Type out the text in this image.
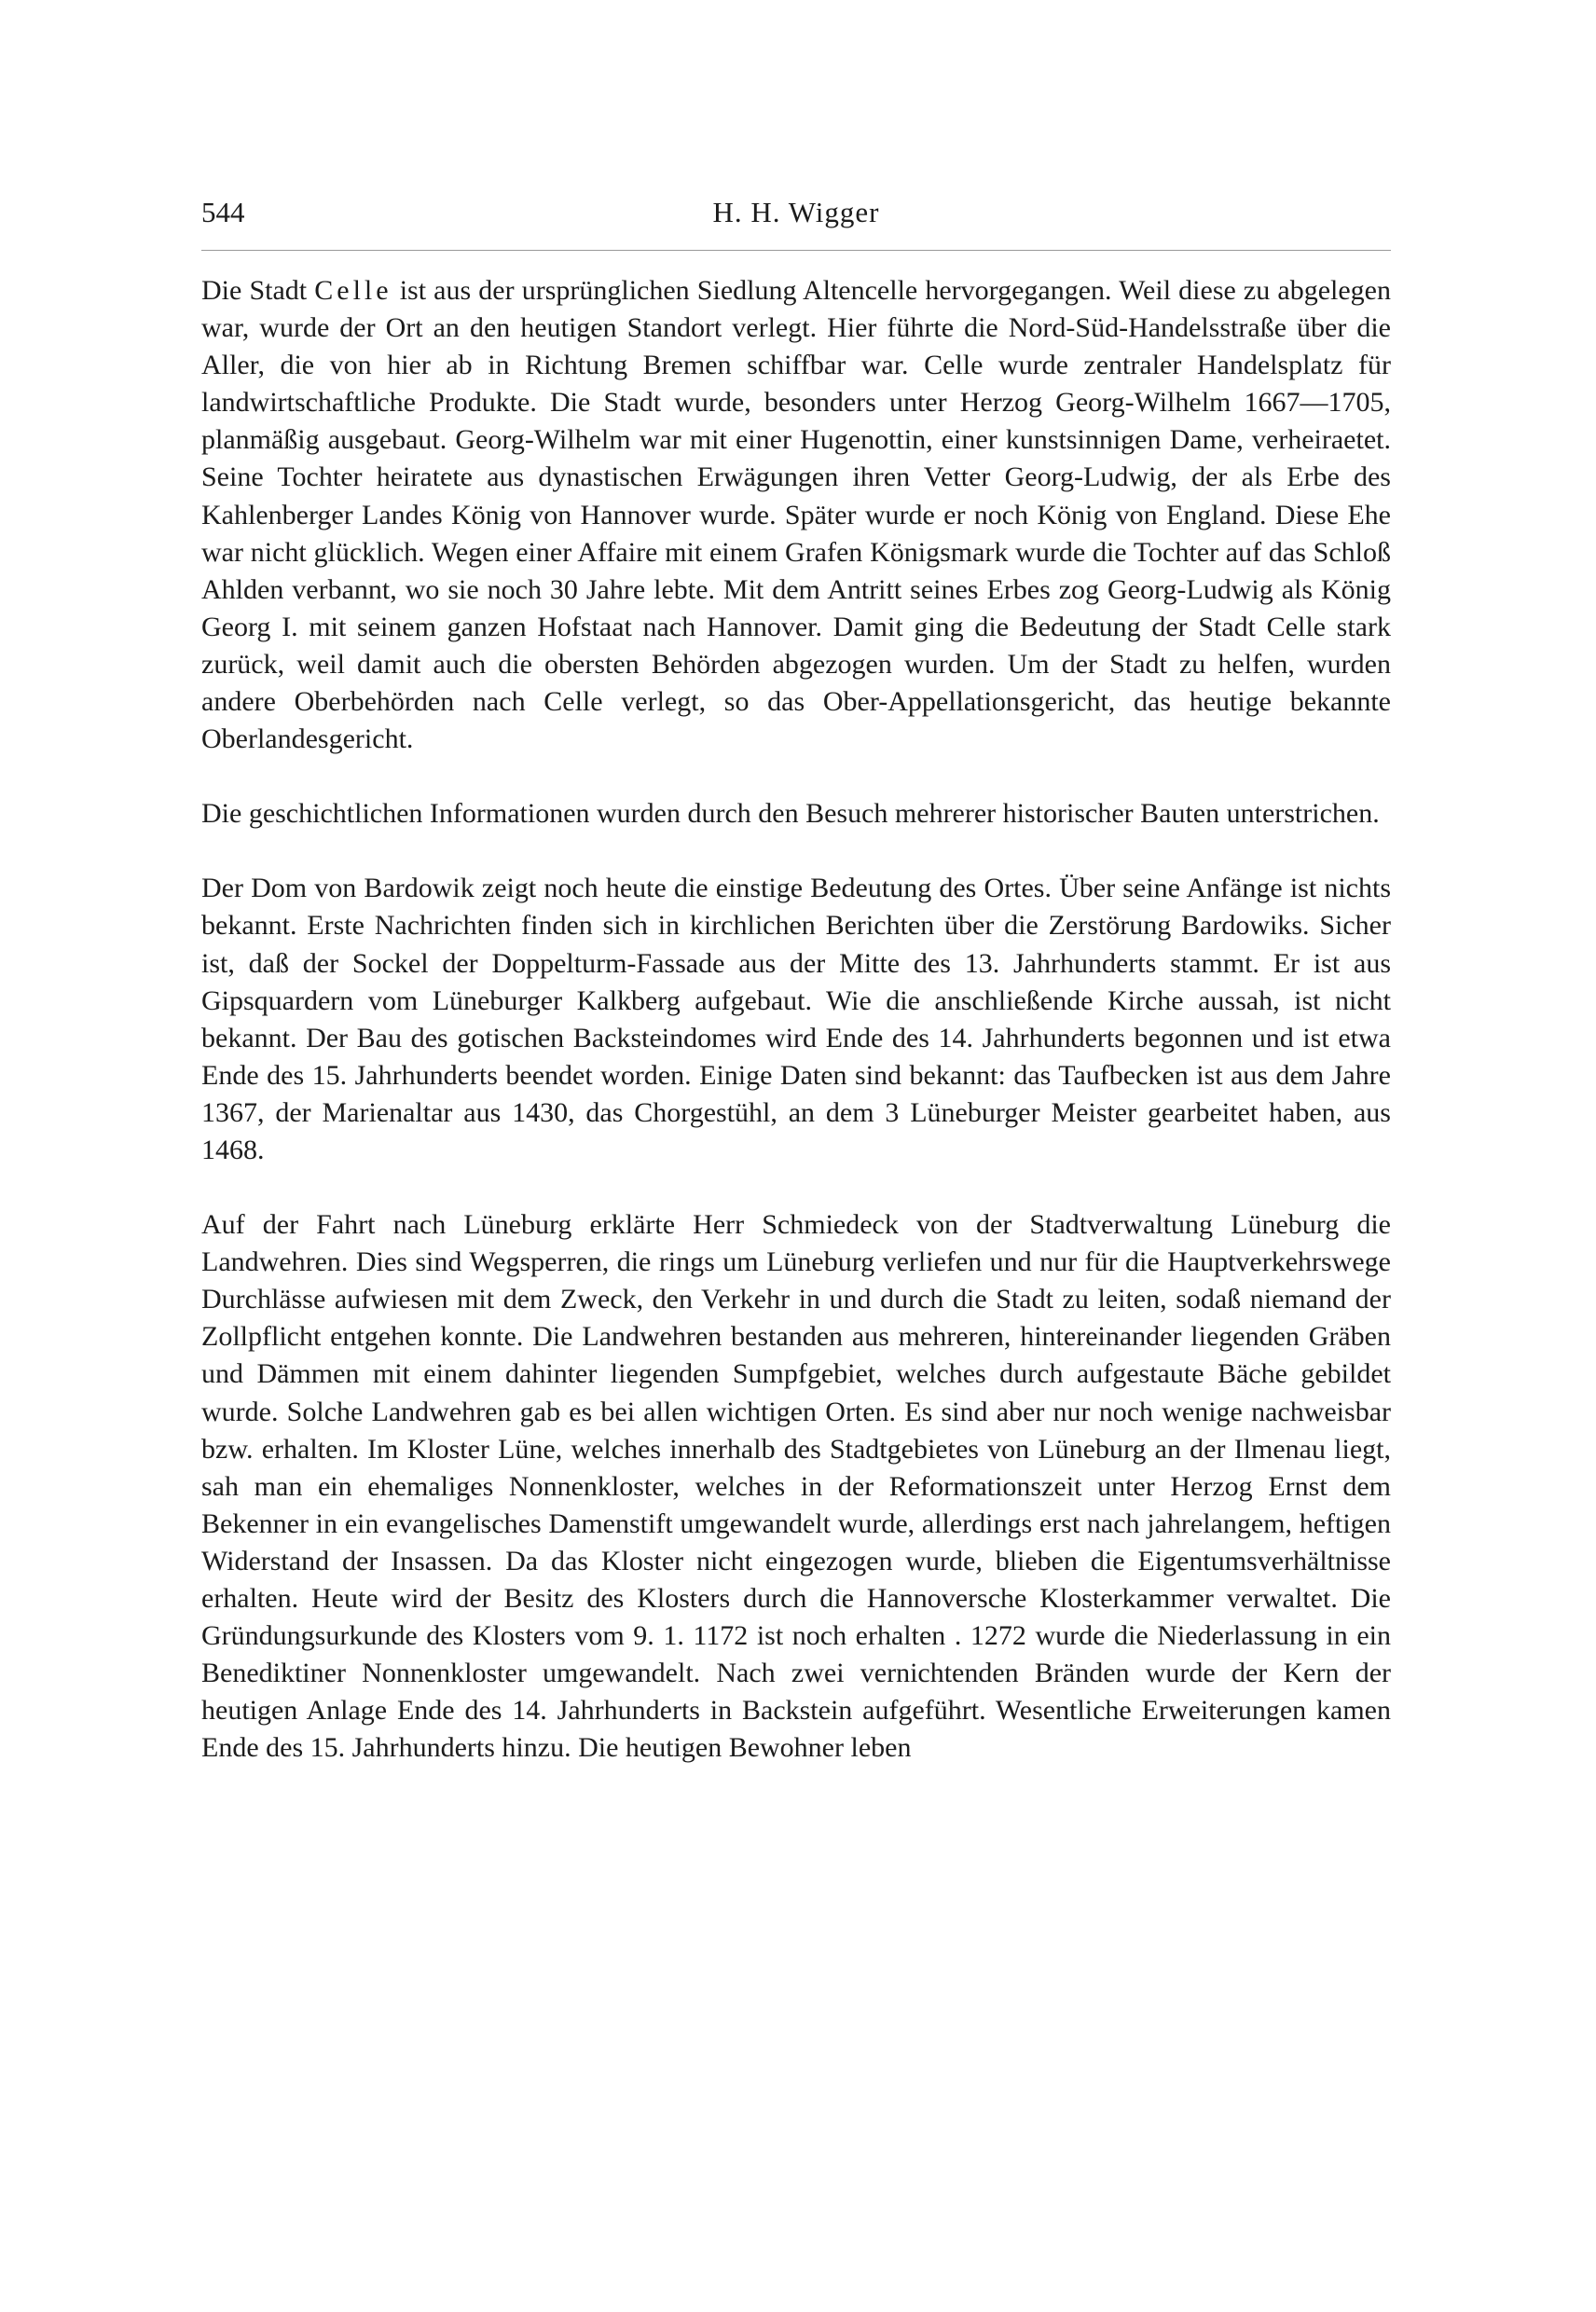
544	H. H. Wigger

Die Stadt Celle ist aus der ursprünglichen Siedlung Altencelle hervorgegangen. Weil diese zu abgelegen war, wurde der Ort an den heutigen Standort verlegt. Hier führte die Nord-Süd-Handelsstraße über die Aller, die von hier ab in Richtung Bremen schiffbar war. Celle wurde zentraler Handelsplatz für landwirtschaftliche Produkte. Die Stadt wurde, besonders unter Herzog Georg-Wilhelm 1667—1705, planmäßig ausgebaut. Georg-Wilhelm war mit einer Hugenottin, einer kunstsinnigen Dame, verheiraetet. Seine Tochter heiratete aus dynastischen Erwägungen ihren Vetter Georg-Ludwig, der als Erbe des Kahlenberger Landes König von Hannover wurde. Später wurde er noch König von England. Diese Ehe war nicht glücklich. Wegen einer Affaire mit einem Grafen Königsmark wurde die Tochter auf das Schloß Ahlden verbannt, wo sie noch 30 Jahre lebte. Mit dem Antritt seines Erbes zog Georg-Ludwig als König Georg I. mit seinem ganzen Hofstaat nach Hannover. Damit ging die Bedeutung der Stadt Celle stark zurück, weil damit auch die obersten Behörden abgezogen wurden. Um der Stadt zu helfen, wurden andere Oberbehörden nach Celle verlegt, so das Ober-Appellationsgericht, das heutige bekannte Oberlandesgericht.

Die geschichtlichen Informationen wurden durch den Besuch mehrerer historischer Bauten unterstrichen.

Der Dom von Bardowik zeigt noch heute die einstige Bedeutung des Ortes. Über seine Anfänge ist nichts bekannt. Erste Nachrichten finden sich in kirchlichen Berichten über die Zerstörung Bardowiks. Sicher ist, daß der Sockel der Doppelturm-Fassade aus der Mitte des 13. Jahrhunderts stammt. Er ist aus Gipsquardern vom Lüneburger Kalkberg aufgebaut. Wie die anschließende Kirche aussah, ist nicht bekannt. Der Bau des gotischen Backsteindomes wird Ende des 14. Jahrhunderts begonnen und ist etwa Ende des 15. Jahrhunderts beendet worden. Einige Daten sind bekannt: das Taufbecken ist aus dem Jahre 1367, der Marienaltar aus 1430, das Chorgestühl, an dem 3 Lüneburger Meister gearbeitet haben, aus 1468.

Auf der Fahrt nach Lüneburg erklärte Herr Schmiedeck von der Stadtverwaltung Lüneburg die Landwehren. Dies sind Wegsperren, die rings um Lüneburg verliefen und nur für die Hauptverkehrswege Durchlässe aufwiesen mit dem Zweck, den Verkehr in und durch die Stadt zu leiten, sodaß niemand der Zollpflicht entgehen konnte. Die Landwehren bestanden aus mehreren, hintereinander liegenden Gräben und Dämmen mit einem dahinter liegenden Sumpfgebiet, welches durch aufgestaute Bäche gebildet wurde. Solche Landwehren gab es bei allen wichtigen Orten. Es sind aber nur noch wenige nachweisbar bzw. erhalten. Im Kloster Lüne, welches innerhalb des Stadtgebietes von Lüneburg an der Ilmenau liegt, sah man ein ehemaliges Nonnenkloster, welches in der Reformationszeit unter Herzog Ernst dem Bekenner in ein evangelisches Damenstift umgewandelt wurde, allerdings erst nach jahrelangem, heftigen Widerstand der Insassen. Da das Kloster nicht eingezogen wurde, blieben die Eigentumsverhältnisse erhalten. Heute wird der Besitz des Klosters durch die Hannoversche Klosterkammer verwaltet. Die Gründungsurkunde des Klosters vom 9. 1. 1172 ist noch erhalten . 1272 wurde die Niederlassung in ein Benediktiner Nonnenkloster umgewandelt. Nach zwei vernichtenden Bränden wurde der Kern der heutigen Anlage Ende des 14. Jahrhunderts in Backstein aufgeführt. Wesentliche Erweiterungen kamen Ende des 15. Jahrhunderts hinzu. Die heutigen Bewohner leben
